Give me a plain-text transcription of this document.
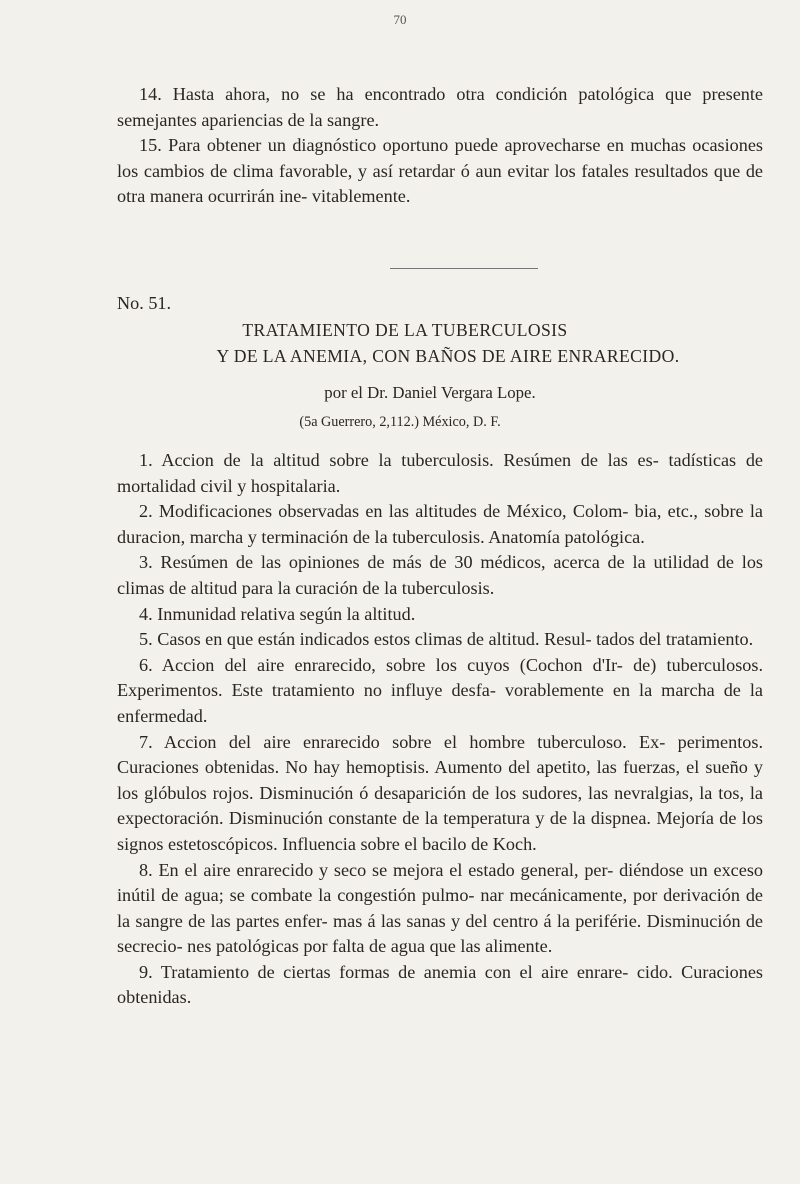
70

14. Hasta ahora, no se ha encontrado otra condición patológica que presente semejantes apariencias de la sangre.

15. Para obtener un diagnóstico oportuno puede aprovecharse en muchas ocasiones los cambios de clima favorable, y así retardar ó aun evitar los fatales resultados que de otra manera ocurrirán ine- vitablemente.

No. 51.
TRATAMIENTO DE LA TUBERCULOSIS
Y DE LA ANEMIA, CON BAÑOS DE AIRE ENRARECIDO.
por el Dr. Daniel Vergara Lope.
(5a Guerrero, 2,112.) México, D. F.

1. Accion de la altitud sobre la tuberculosis. Resúmen de las es- tadísticas de mortalidad civil y hospitalaria.

2. Modificaciones observadas en las altitudes de México, Colom- bia, etc., sobre la duracion, marcha y terminación de la tuberculosis. Anatomía patológica.

3. Resúmen de las opiniones de más de 30 médicos, acerca de la utilidad de los climas de altitud para la curación de la tuberculosis.

4. Inmunidad relativa según la altitud.

5. Casos en que están indicados estos climas de altitud. Resul- tados del tratamiento.

6. Accion del aire enrarecido, sobre los cuyos (Cochon d'Ir- de) tuberculosos. Experimentos. Este tratamiento no influye desfa- vorablemente en la marcha de la enfermedad.

7. Accion del aire enrarecido sobre el hombre tuberculoso. Ex- perimentos. Curaciones obtenidas. No hay hemoptisis. Aumento del apetito, las fuerzas, el sueño y los glóbulos rojos. Disminución ó desaparición de los sudores, las nevralgias, la tos, la expectoración. Disminución constante de la temperatura y de la dispnea. Mejoría de los signos estetoscópicos. Influencia sobre el bacilo de Koch.

8. En el aire enrarecido y seco se mejora el estado general, per- diéndose un exceso inútil de agua; se combate la congestión pulmo- nar mecánicamente, por derivación de la sangre de las partes enfer- mas á las sanas y del centro á la periférie. Disminución de secrecio- nes patológicas por falta de agua que las alimente.

9. Tratamiento de ciertas formas de anemia con el aire enrare- cido. Curaciones obtenidas.
